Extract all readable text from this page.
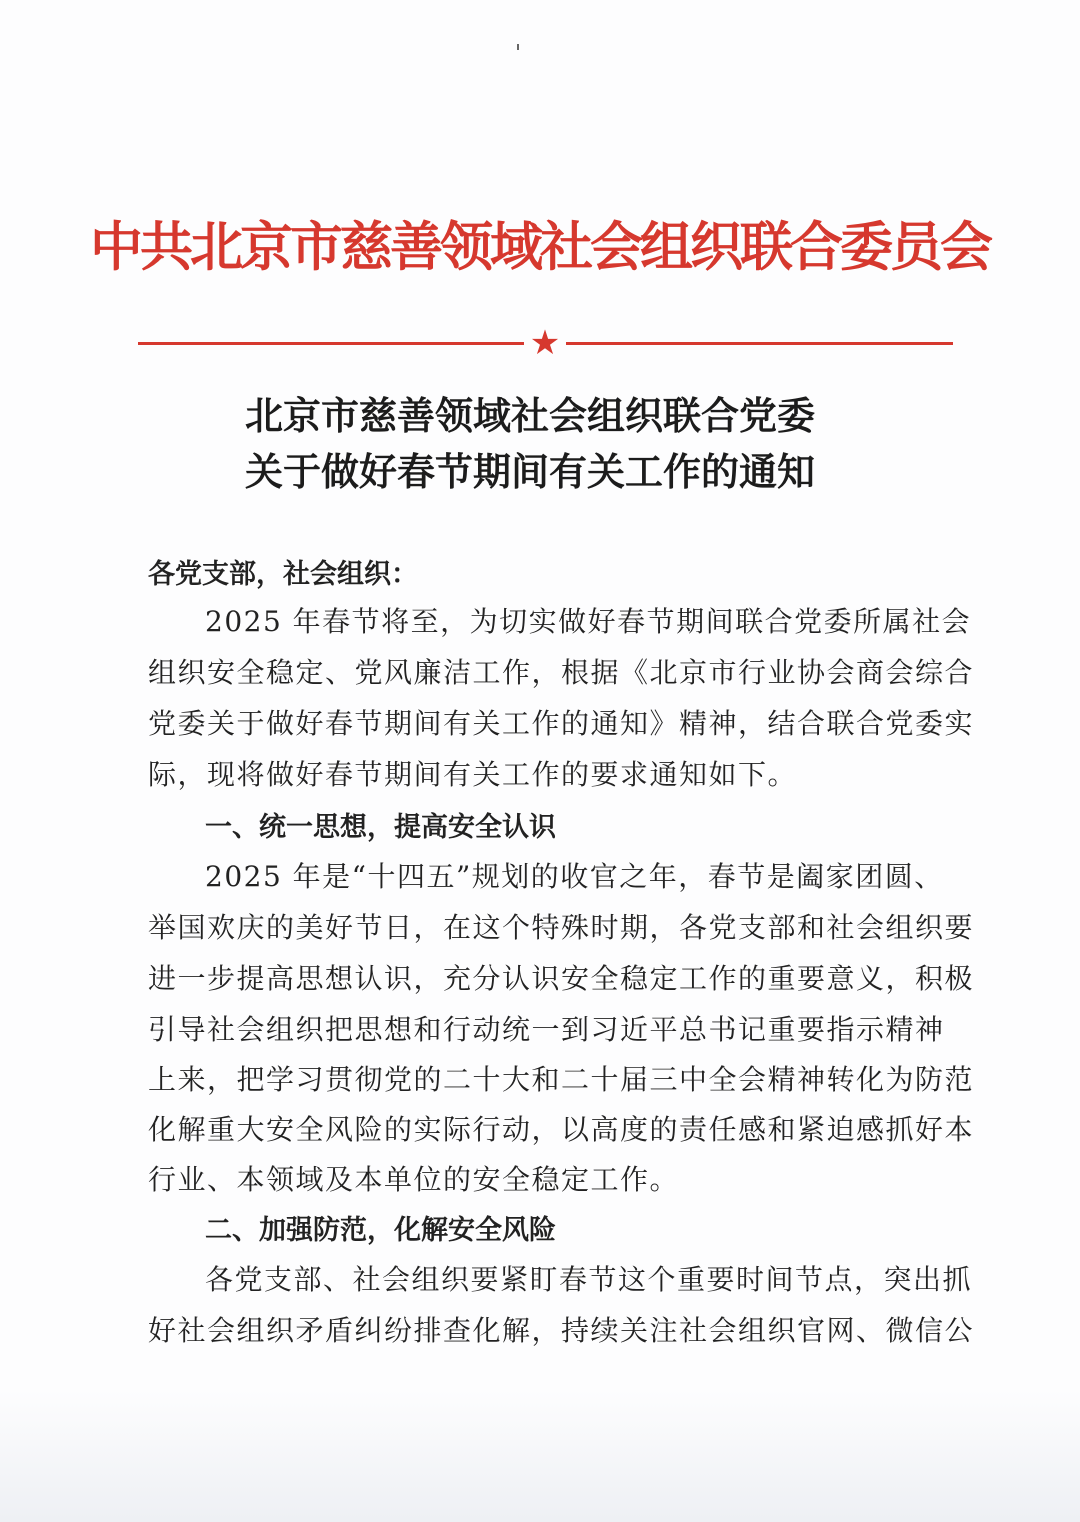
中共北京市慈善领域社会组织联合委员会
★
北京市慈善领域社会组织联合党委
关于做好春节期间有关工作的通知
各党支部，社会组织：
2025 年春节将至，为切实做好春节期间联合党委所属社会
组织安全稳定、党风廉洁工作，根据《北京市行业协会商会综合
党委关于做好春节期间有关工作的通知》精神，结合联合党委实
际，现将做好春节期间有关工作的要求通知如下。
一、统一思想，提高安全认识
2025 年是“十四五”规划的收官之年，春节是阖家团圆、
举国欢庆的美好节日，在这个特殊时期，各党支部和社会组织要
进一步提高思想认识，充分认识安全稳定工作的重要意义，积极
引导社会组织把思想和行动统一到习近平总书记重要指示精神
上来，把学习贯彻党的二十大和二十届三中全会精神转化为防范
化解重大安全风险的实际行动，以高度的责任感和紧迫感抓好本
行业、本领域及本单位的安全稳定工作。
二、加强防范，化解安全风险
各党支部、社会组织要紧盯春节这个重要时间节点，突出抓
好社会组织矛盾纠纷排查化解，持续关注社会组织官网、微信公
